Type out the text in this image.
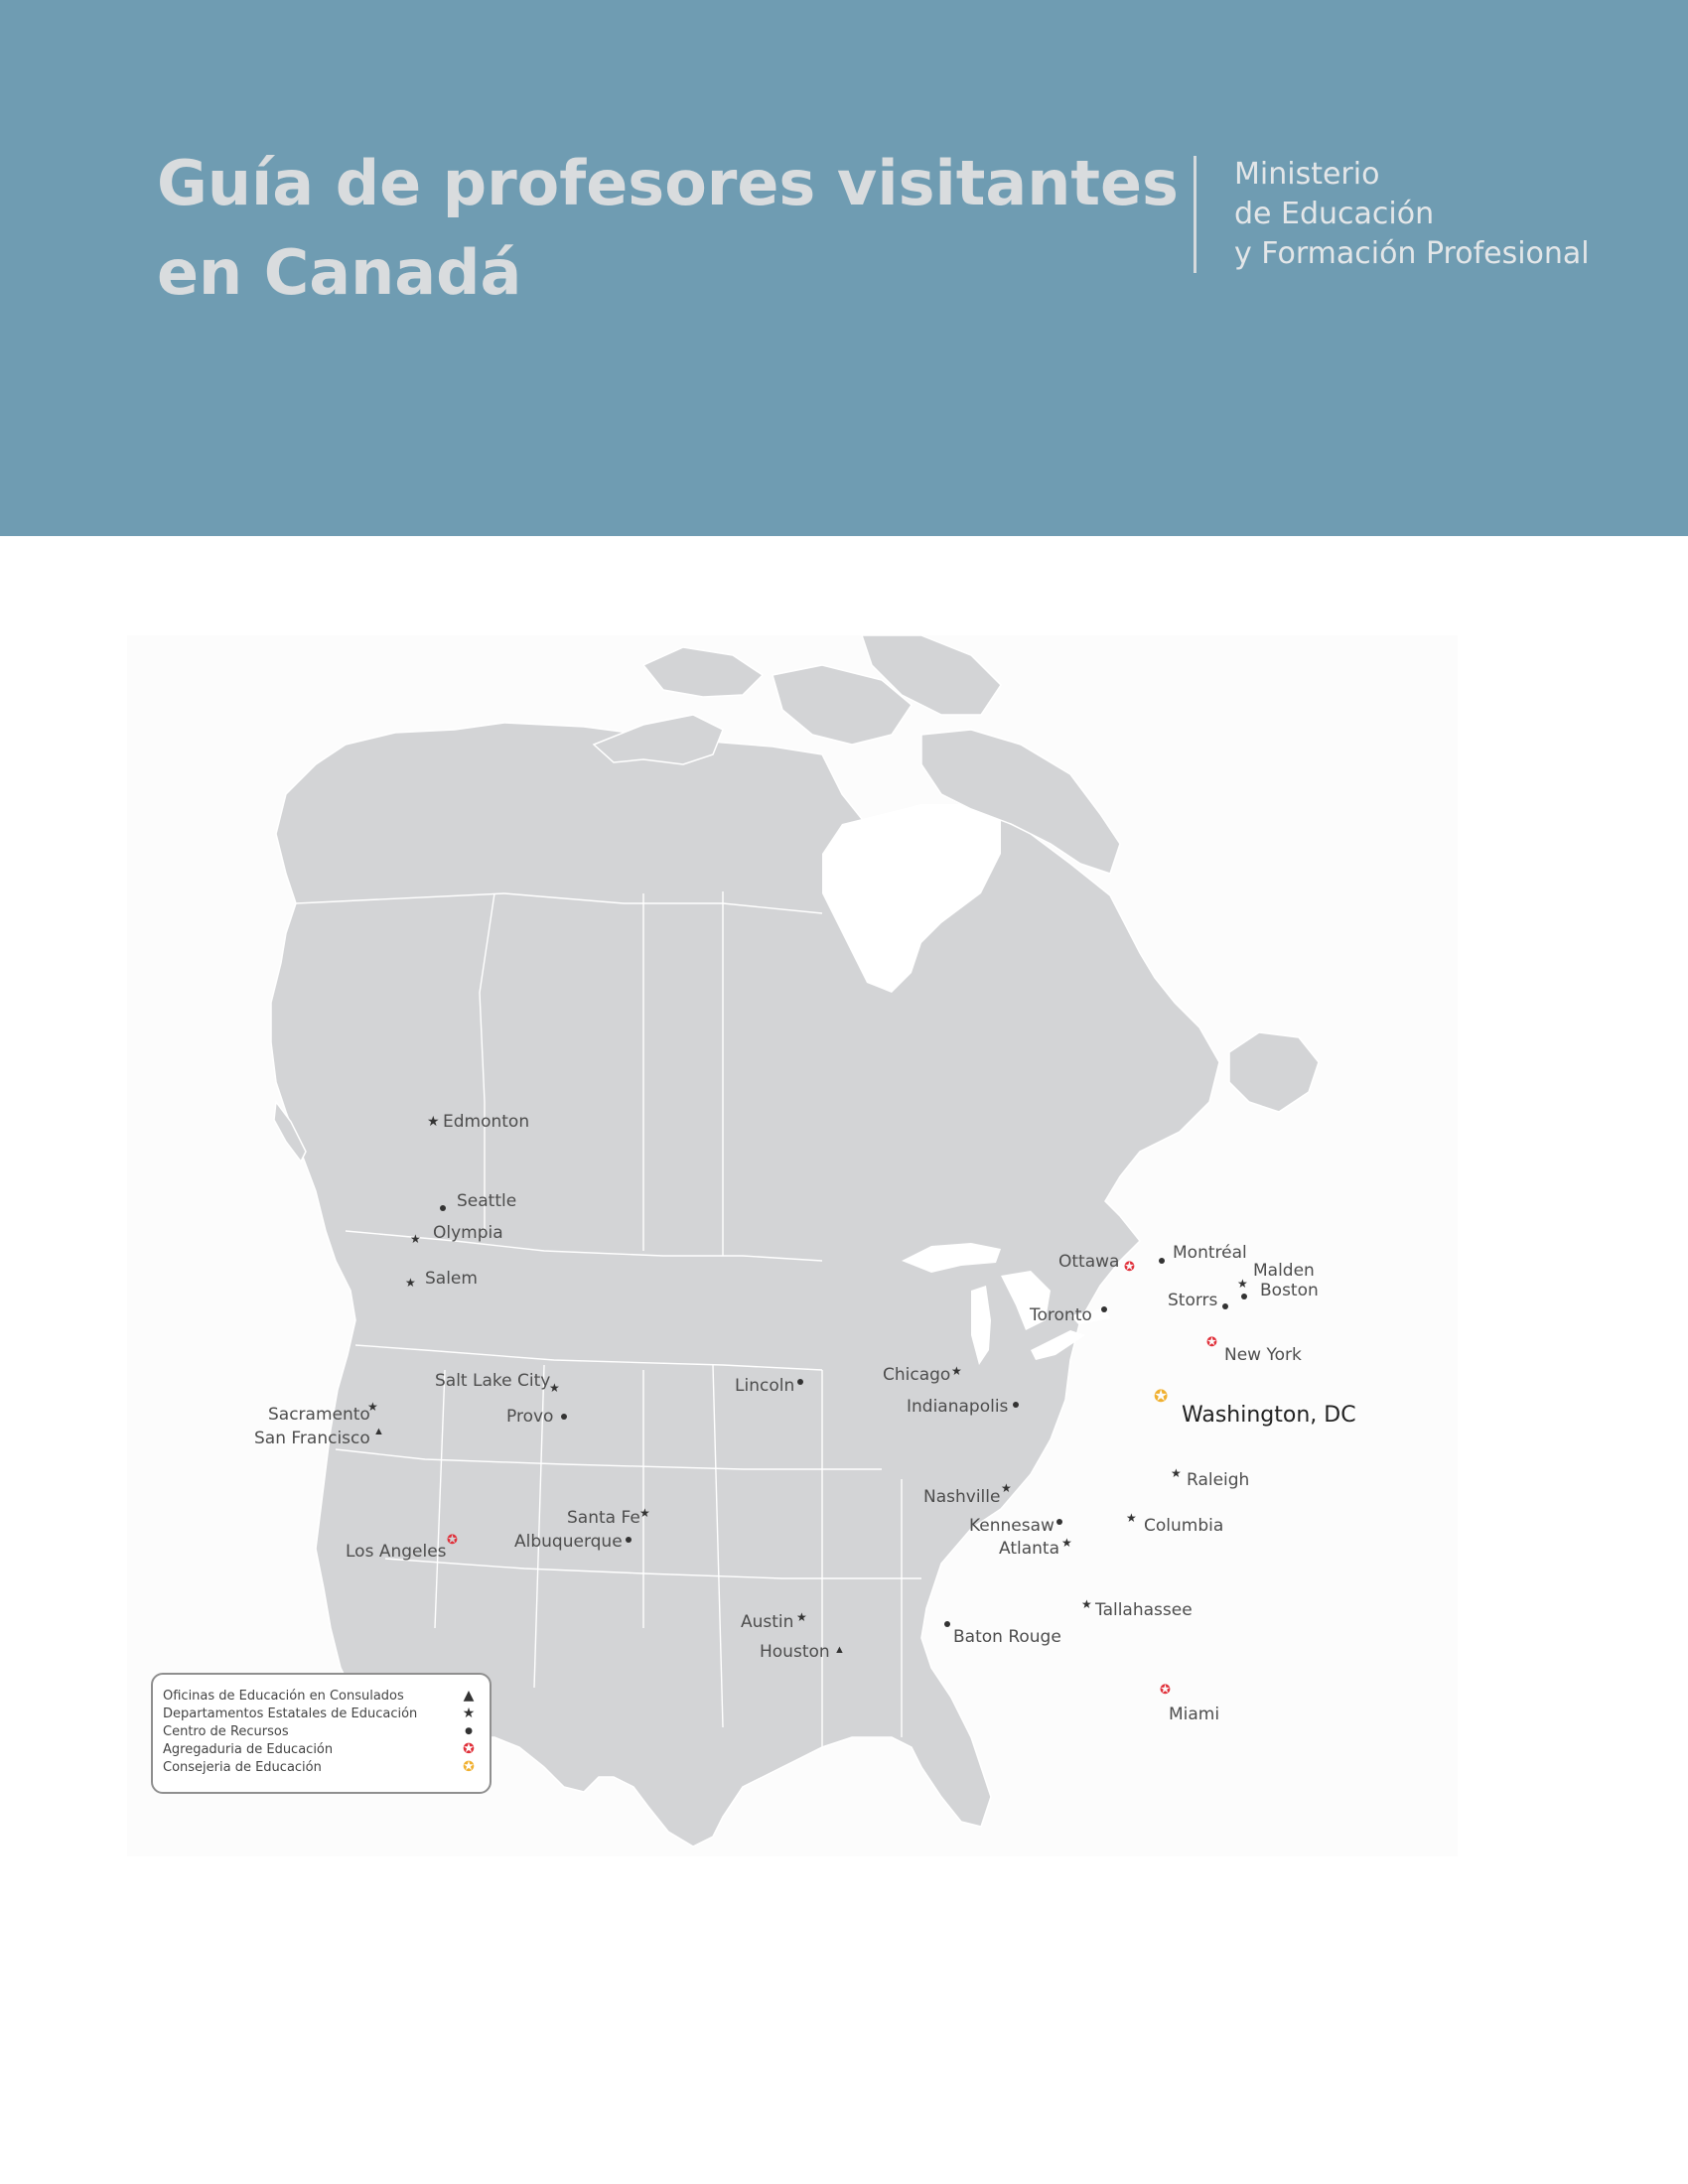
Guía de profesores visitantes
en Canadá
Ministerio
de Educación
y Formación Profesional
★ Edmonton
Seattle
★ Olympia
★ Salem
★
Salt Lake City
Provo
★
Sacramento
▲
San Francisco
✪
Los Angeles
★
Santa Fe
Albuquerque
Lincoln
★
Austin
▲
Houston
★
Chicago
Indianapolis
★
Nashville
Kennesaw
★
Atlanta
Baton Rouge
★ Tallahassee
✪
Miami
★ Columbia
★ Raleigh
✪
Washington, DC
✪
New York
Toronto
✪
Ottawa	Montréal
Storrs
★
Malden
Boston
Oficinas de Educación en Consulados	▲
Departamentos Estatales de Educación	★
Centro de Recursos	●
Agregaduria de Educación	✪
Consejeria de Educación	✪
